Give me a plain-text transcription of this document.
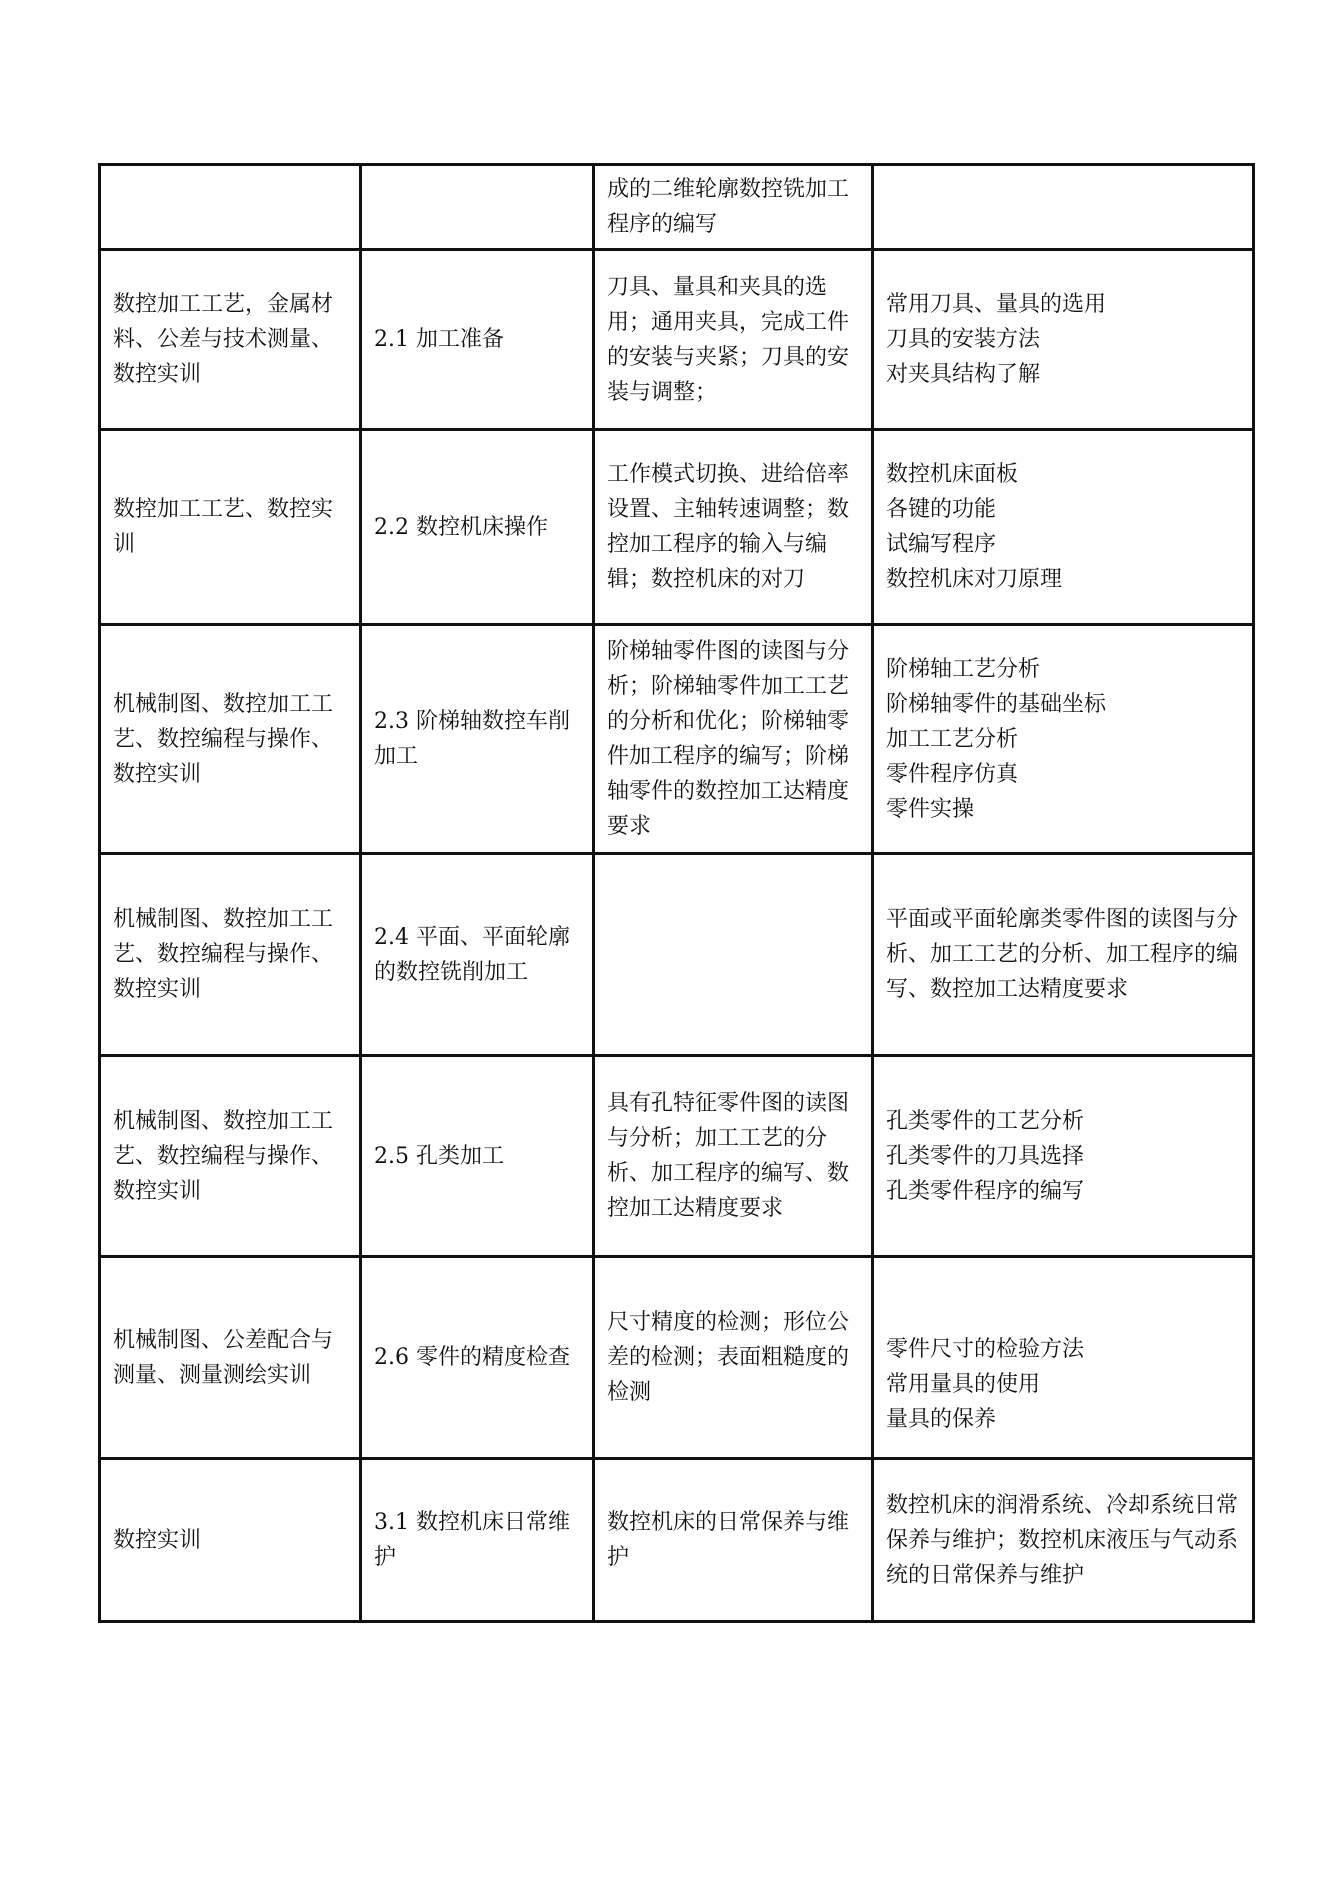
		成的二维轮廓数控铣加工程序的编写	
数控加工工艺，金属材料、公差与技术测量、数控实训	2.1 加工准备	刀具、量具和夹具的选用；通用夹具，完成工件的安装与夹紧；刀具的安装与调整；	常用刀具、量具的选用
刀具的安装方法
对夹具结构了解

数控加工工艺、数控实训	2.2 数控机床操作	工作模式切换、进给倍率设置、主轴转速调整；数控加工程序的输入与编辑；数控机床的对刀	数控机床面板
各键的功能
试编写程序
数控机床对刀原理

机械制图、数控加工工艺、数控编程与操作、数控实训	2.3 阶梯轴数控车削加工	阶梯轴零件图的读图与分析；阶梯轴零件加工工艺的分析和优化；阶梯轴零件加工程序的编写；阶梯轴零件的数控加工达精度要求	阶梯轴工艺分析
阶梯轴零件的基础坐标
加工工艺分析
零件程序仿真
零件实操

机械制图、数控加工工艺、数控编程与操作、数控实训	2.4 平面、平面轮廓的数控铣削加工		平面或平面轮廓类零件图的读图与分析、加工工艺的分析、加工程序的编写、数控加工达精度要求
机械制图、数控加工工艺、数控编程与操作、数控实训	2.5 孔类加工	具有孔特征零件图的读图与分析；加工工艺的分析、加工程序的编写、数控加工达精度要求	孔类零件的工艺分析
孔类零件的刀具选择
孔类零件程序的编写

机械制图、公差配合与测量、测量测绘实训	2.6 零件的精度检查	尺寸精度的检测；形位公差的检测；表面粗糙度的检测	零件尺寸的检验方法
常用量具的使用
量具的保养

数控实训	3.1 数控机床日常维护	数控机床的日常保养与维护	数控机床的润滑系统、冷却系统日常保养与维护；数控机床液压与气动系统的日常保养与维护
